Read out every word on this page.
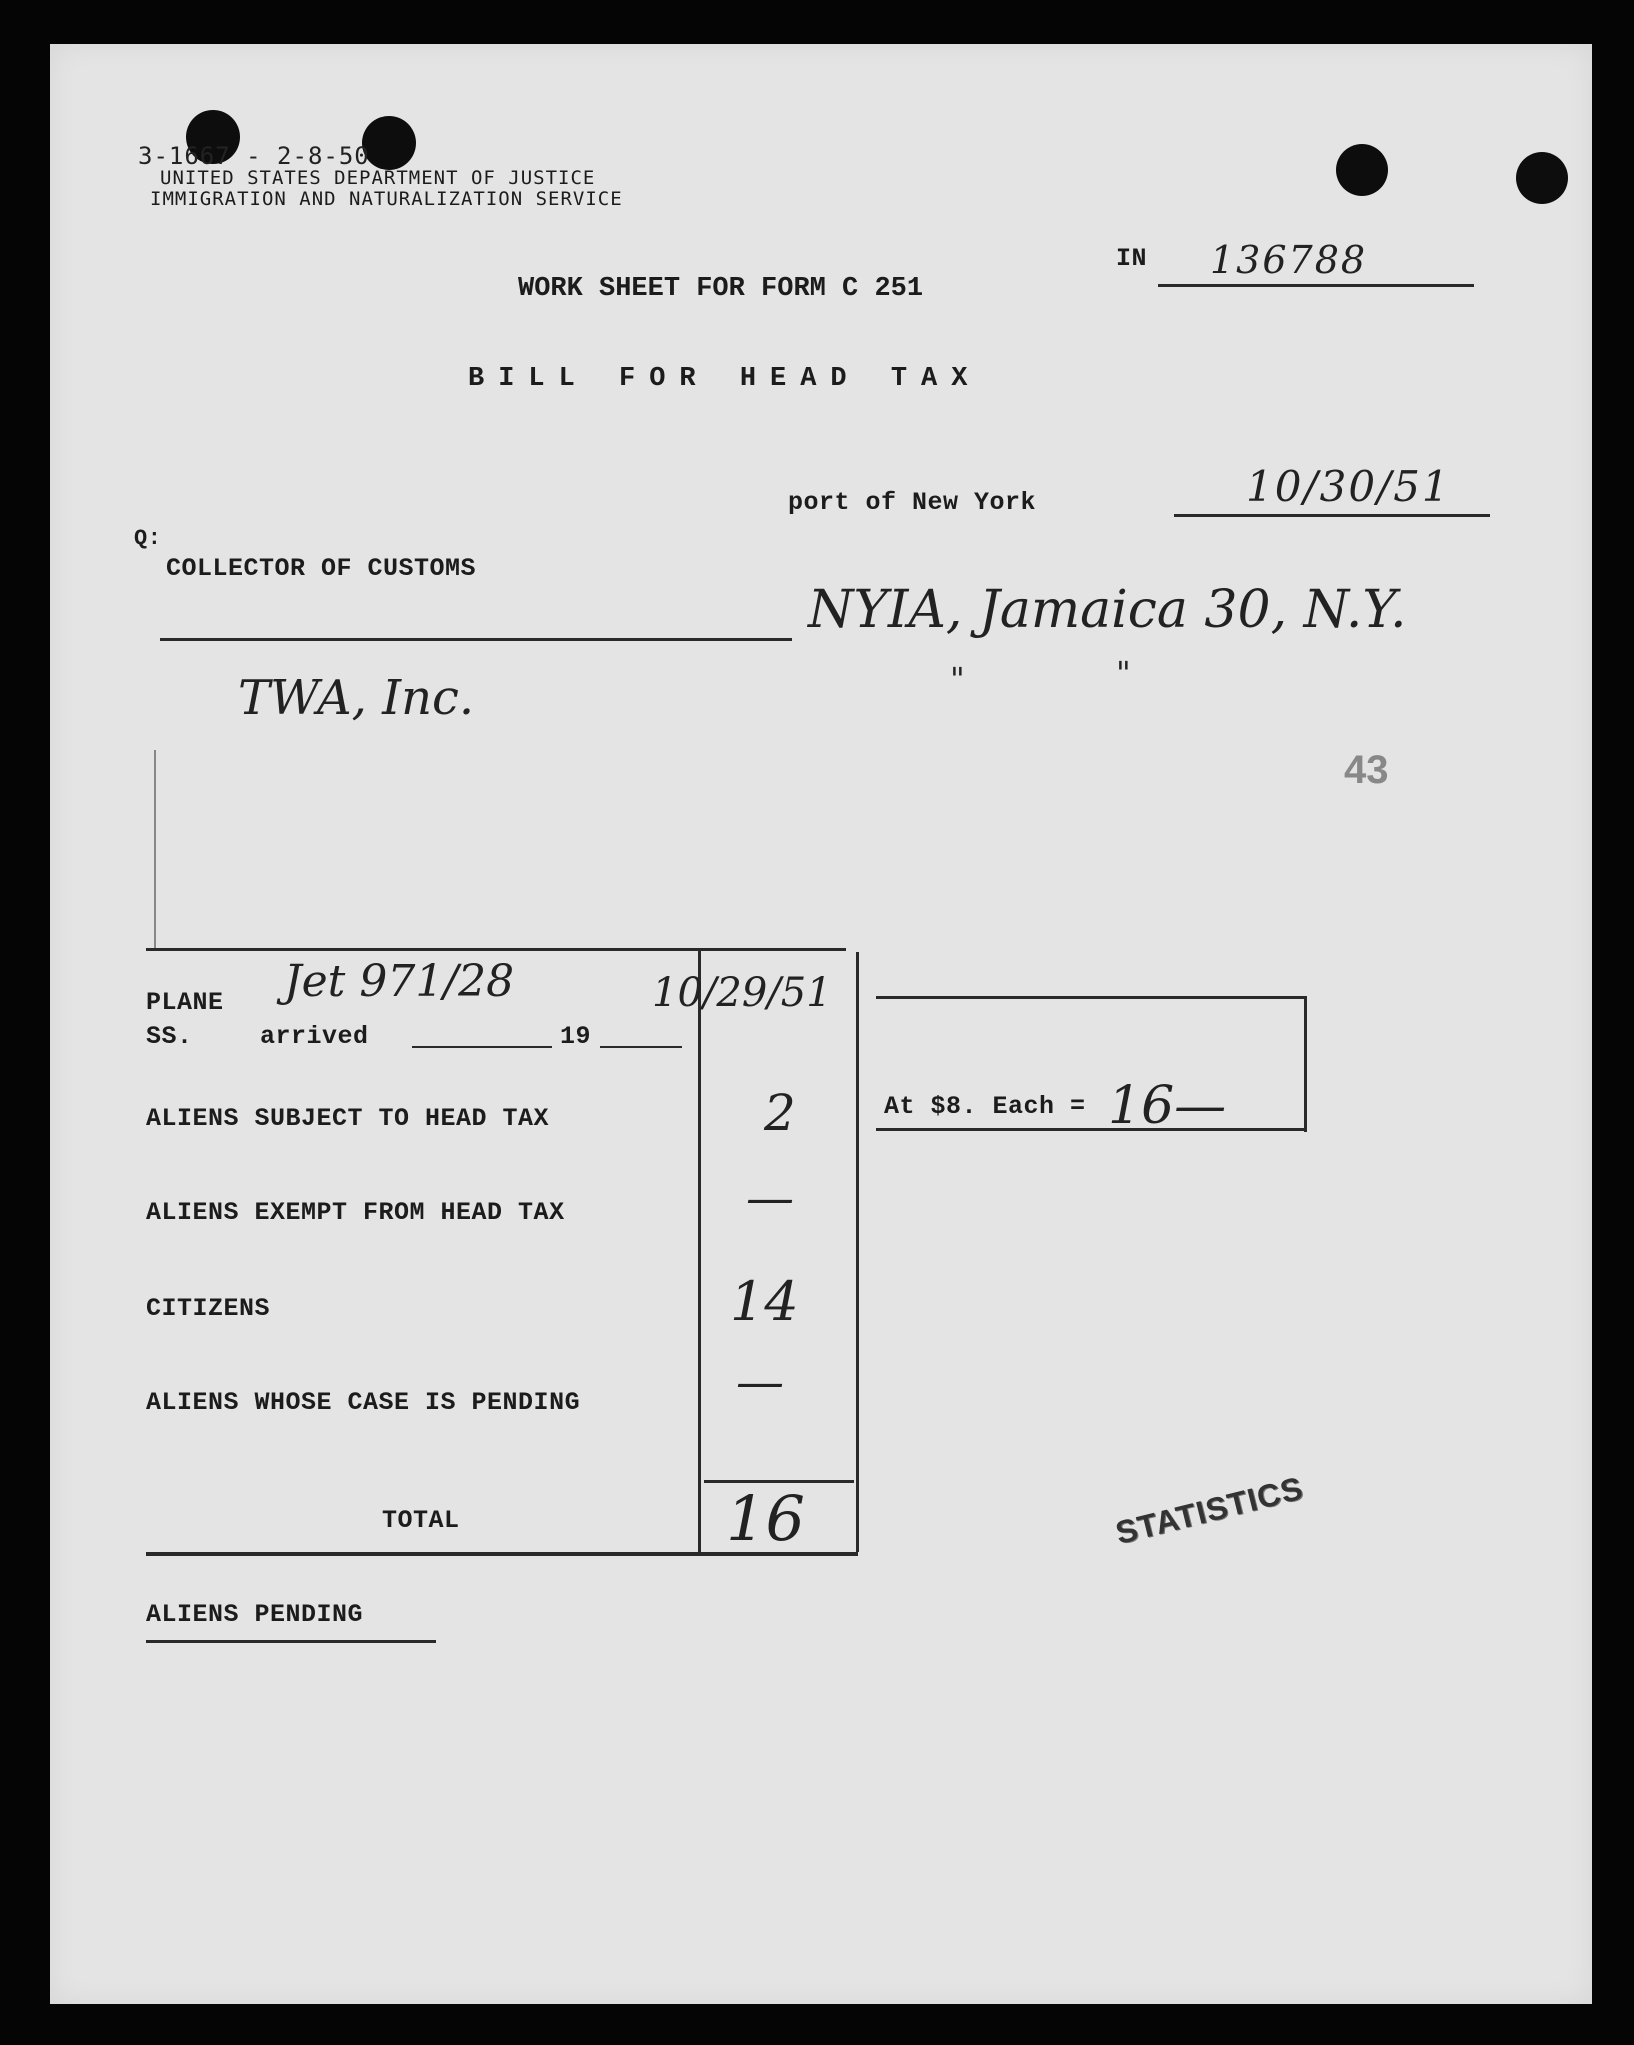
3-1667 - 2-8-50
UNITED STATES DEPARTMENT OF JUSTICE
IMMIGRATION AND NATURALIZATION SERVICE
IN 136788
WORK SHEET FOR FORM C 251
BILL FOR HEAD TAX
port of New York	10/30/51
Q:
COLLECTOR OF CUSTOMS
NYIA, Jamaica 30, N.Y.
"	"
TWA, Inc.
43
PLANE
SS.	arrived	19
Jet 971/28	10/29/51
ALIENS SUBJECT TO HEAD TAX	2
ALIENS EXEMPT FROM HEAD TAX	—
CITIZENS	14
ALIENS WHOSE CASE IS PENDING	—
TOTAL	16
At $8. Each = 16—
ALIENS PENDING
STATISTICS
